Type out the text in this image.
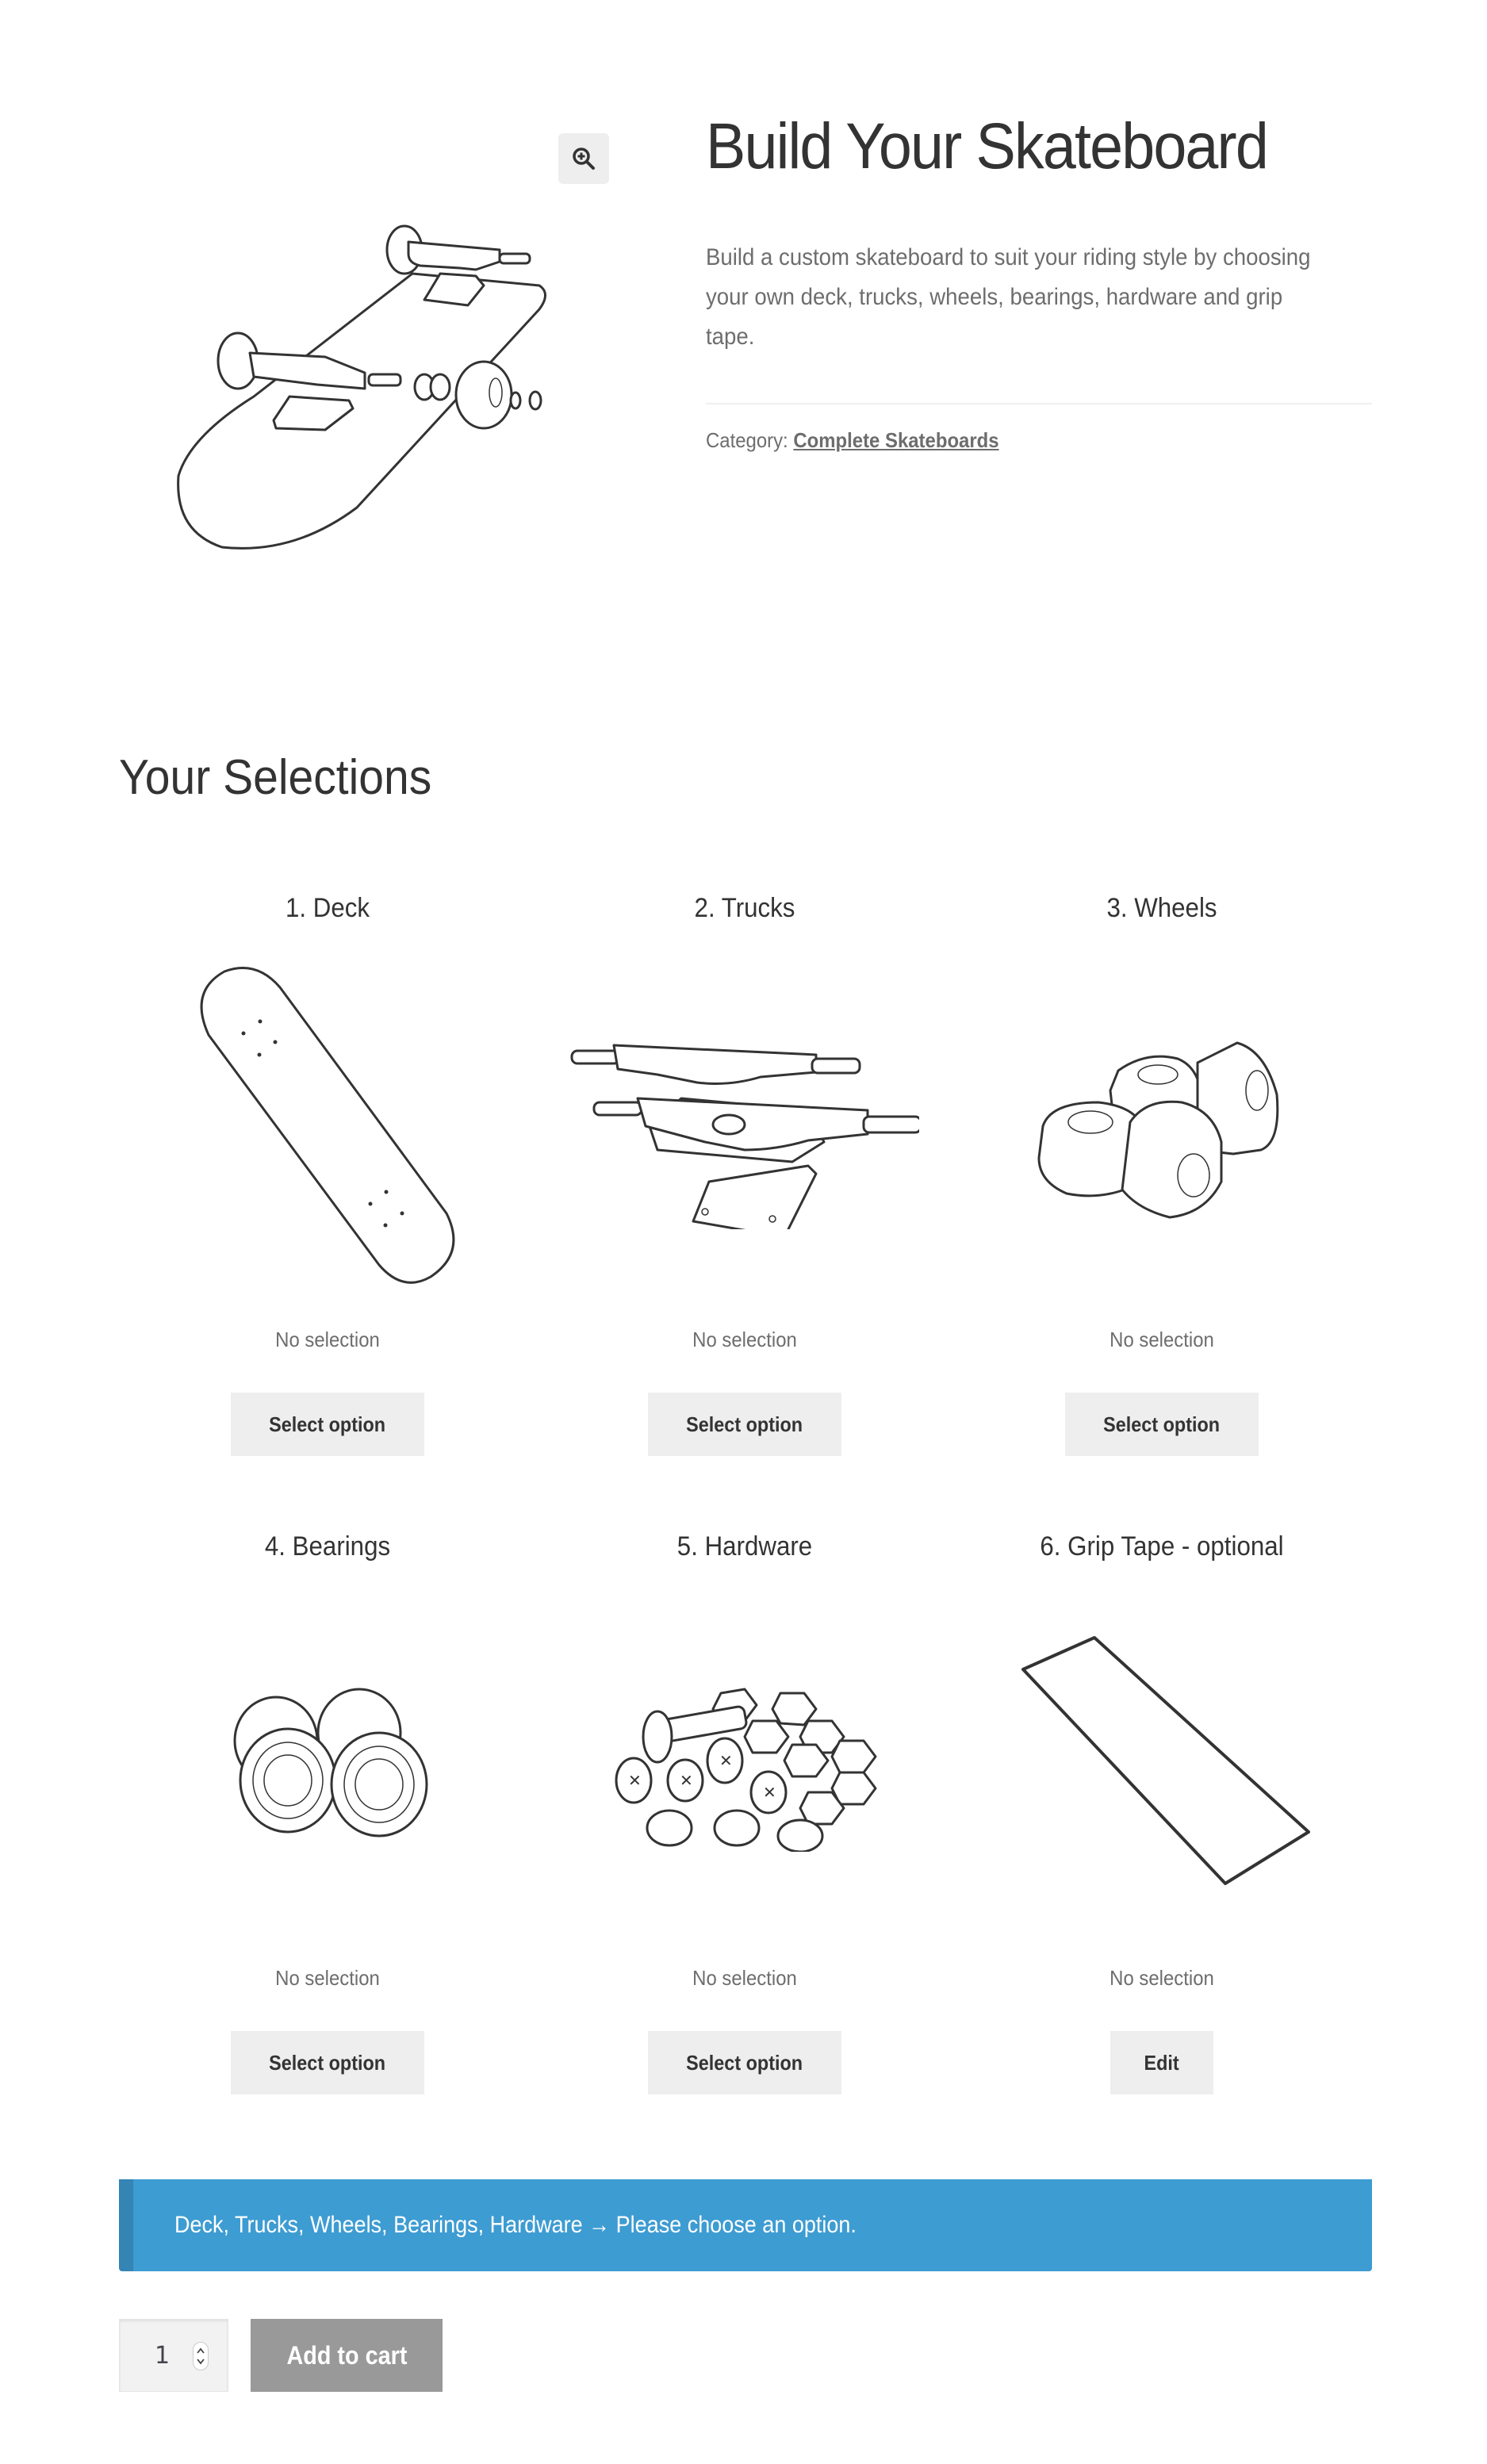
Build Your Skateboard

Build a custom skateboard to suit your riding style by choosing your own deck, trucks, wheels, bearings, hardware and grip tape.

Category: Complete Skateboards
Your Selections
1. Deck
No selection
Select option
2. Trucks
No selection
Select option
3. Wheels
No selection
Select option
4. Bearings
No selection
Select option
5. Hardware
✕ ✕
✕
✕
No selection
Select option
6. Grip Tape - optional
No selection
Edit
Deck, Trucks, Wheels, Bearings, Hardware → Please choose an option.
1	Add to cart
